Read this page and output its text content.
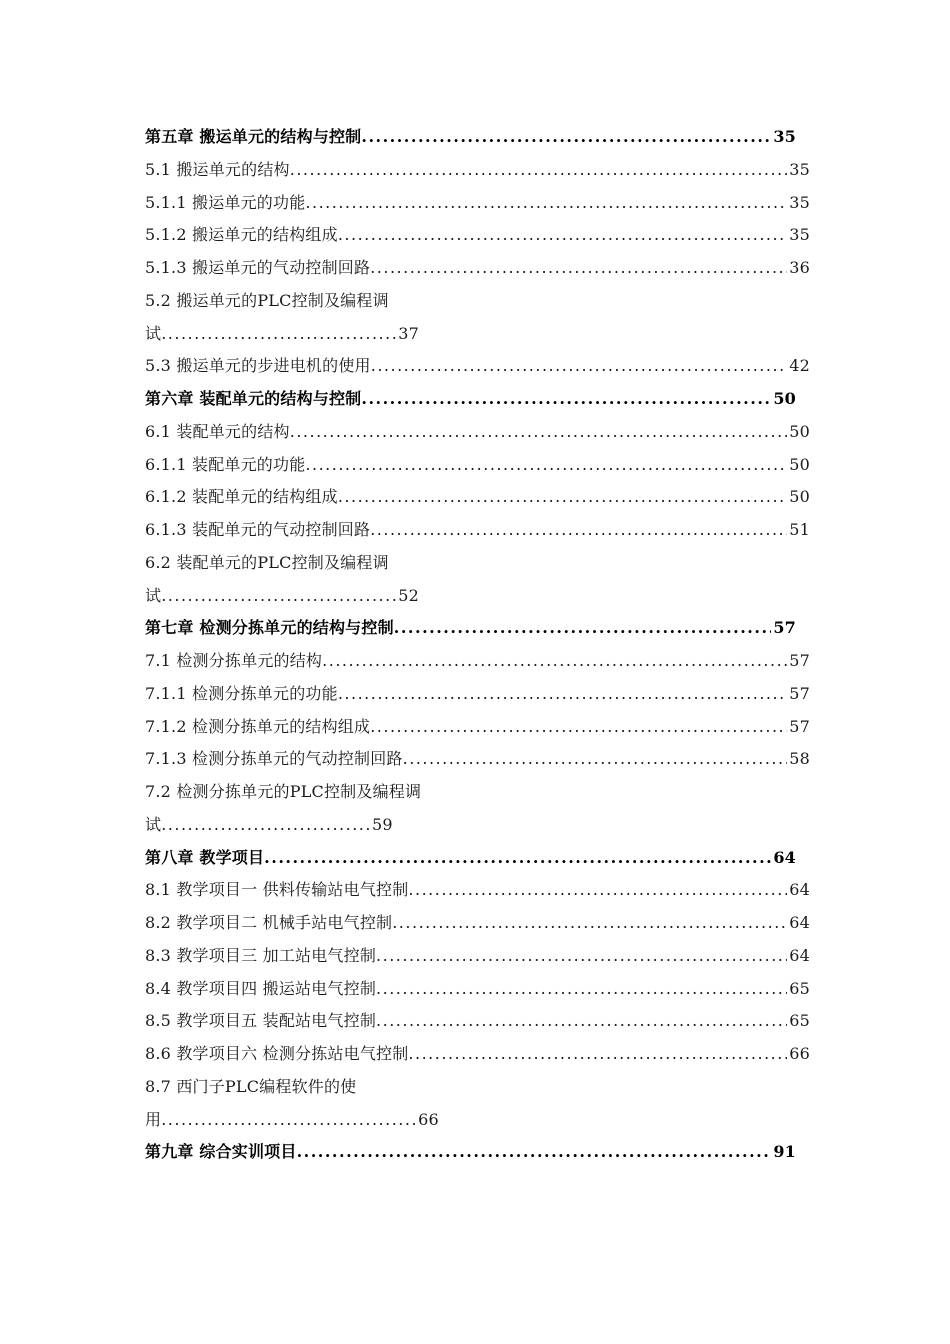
第五章 搬运单元的结构与控制 .....	35
5.1 搬运单元的结构 .....	35
5.1.1 搬运单元的功能 .....	35
5.1.2 搬运单元的结构组成 .....	35
5.1.3 搬运单元的气动控制回路 .....	36
5.2 搬运单元的PLC控制及编程调
试 .................................... 37
5.3 搬运单元的步进电机的使用 .....	42
第六章 装配单元的结构与控制 .....	50
6.1 装配单元的结构 .....	50
6.1.1 装配单元的功能 .....	50
6.1.2 装配单元的结构组成 .....	50
6.1.3 装配单元的气动控制回路 .....	51
6.2 装配单元的PLC控制及编程调
试 .................................... 52
第七章 检测分拣单元的结构与控制 .....	57
7.1 检测分拣单元的结构 .....	57
7.1.1 检测分拣单元的功能 .....	57
7.1.2 检测分拣单元的结构组成 .....	57
7.1.3 检测分拣单元的气动控制回路 .....	58
7.2 检测分拣单元的PLC控制及编程调
试 ................................ 59
第八章 教学项目 .....	64
8.1 教学项目一 供料传输站电气控制 .....	64
8.2 教学项目二 机械手站电气控制 .....	64
8.3 教学项目三 加工站电气控制 .....	64
8.4 教学项目四 搬运站电气控制 .....	65
8.5 教学项目五 装配站电气控制 .....	65
8.6 教学项目六 检测分拣站电气控制 .....	66
8.7 西门子PLC编程软件的使
用 ....................................... 66
第九章 综合实训项目 .....	91
